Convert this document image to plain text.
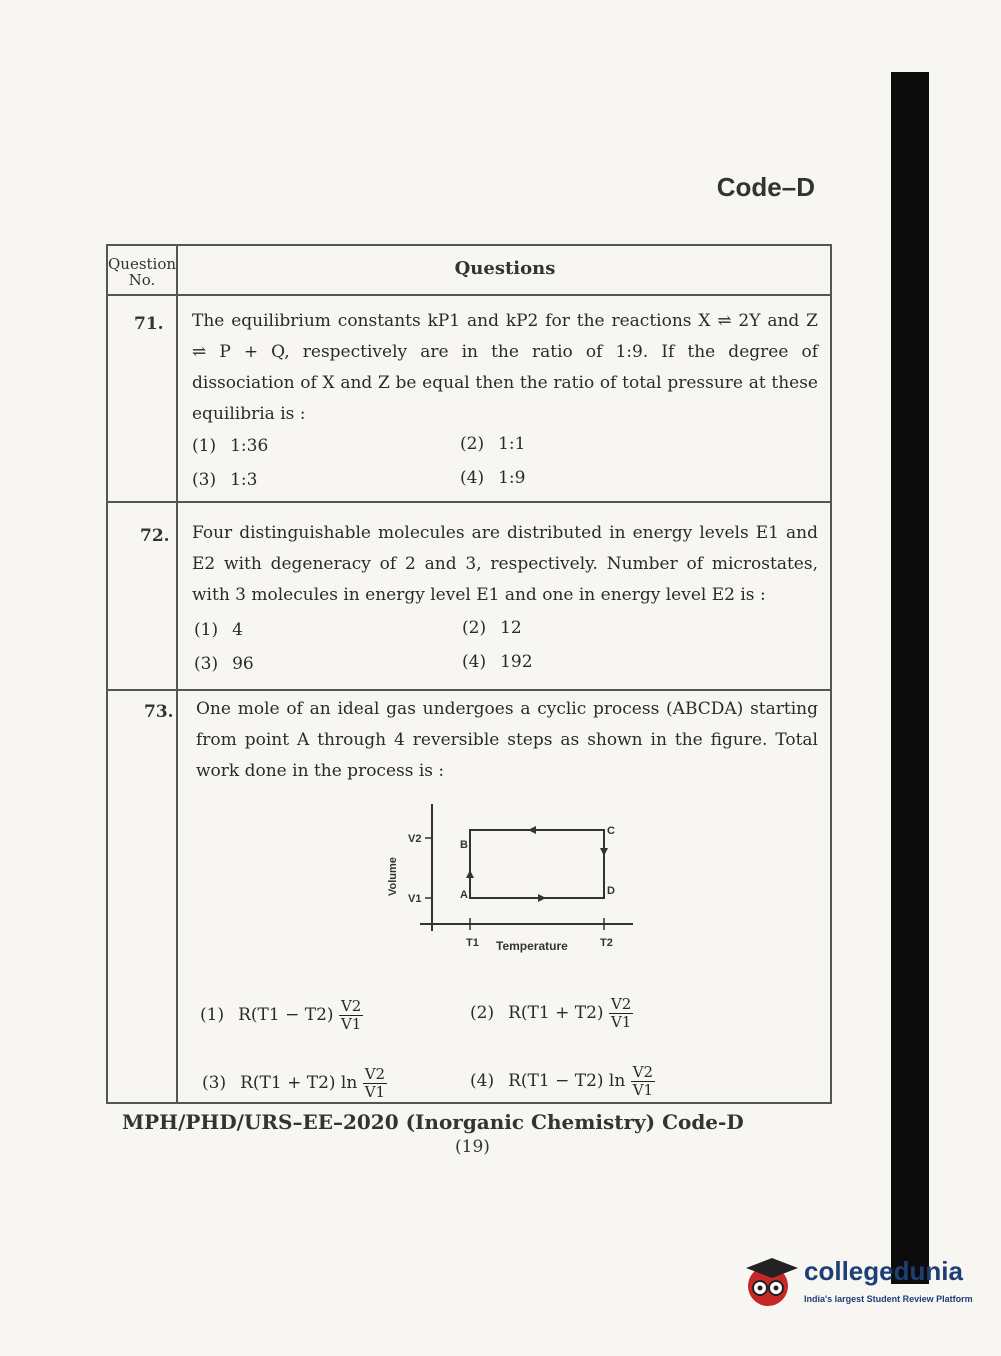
Code–D
Question No.
Questions
71. The equilibrium constants kP1 and kP2 for the reactions X ⇌ 2Y and Z ⇌ P + Q, respectively are in the ratio of 1:9. If the degree of dissociation of X and Z be equal then the ratio of total pressure at these equilibria is :
(1) 1:36	(2) 1:1
(3) 1:3	(4) 1:9
72. Four distinguishable molecules are distributed in energy levels E1 and E2 with degeneracy of 2 and 3, respectively. Number of microstates, with 3 molecules in energy level E1 and one in energy level E2 is :
(1) 4	(2) 12
(3) 96	(4) 192
73. One mole of an ideal gas undergoes a cyclic process (ABCDA) starting from point A through 4 reversible steps as shown in the figure. Total work done in the process is :
Volume
V2
V1
B
A
C
D
T1	T2
Temperature
(1) $R(T1 - T2) \frac{V2}{V1}$	(2) $R(T1 + T2) \frac{V2}{V1}$
(3) R(T1 + T2) $\ln \frac{V2}{V1}$	(4) R(T1 − T2) $\ln \frac{V2}{V1}$
MPH/PHD/URS–EE–2020 (Inorganic Chemistry) Code-D
(19)
collegedunia
India's largest Student Review Platform
